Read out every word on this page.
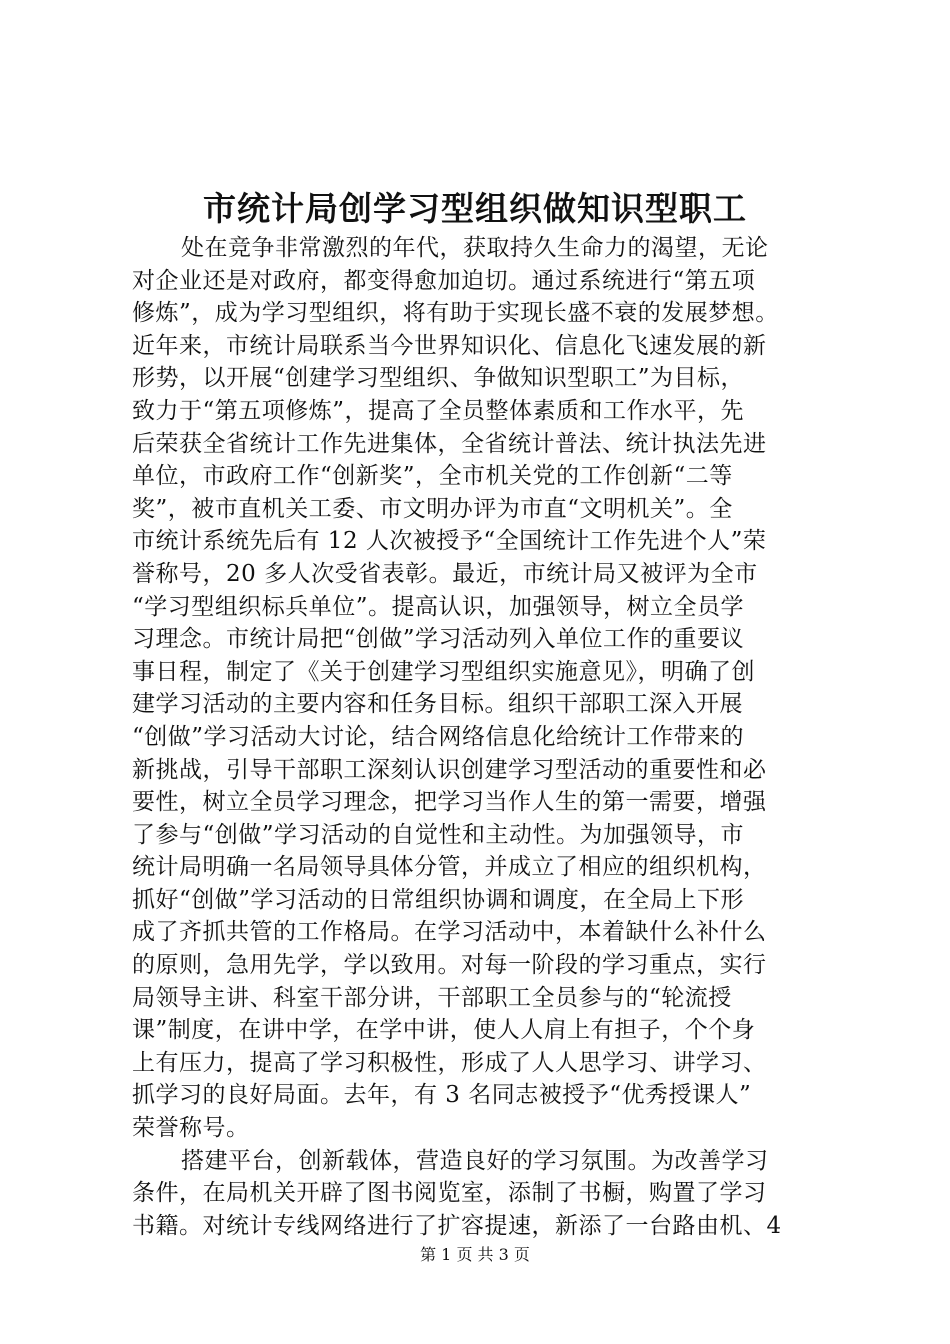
市统计局创学习型组织做知识型职工
处在竞争非常激烈的年代，获取持久生命力的渴望，无论
对企业还是对政府，都变得愈加迫切。通过系统进行“第五项
修炼”，成为学习型组织，将有助于实现长盛不衰的发展梦想。
近年来，市统计局联系当今世界知识化、信息化飞速发展的新
形势，以开展“创建学习型组织、争做知识型职工”为目标，
致力于“第五项修炼”，提高了全员整体素质和工作水平，先
后荣获全省统计工作先进集体，全省统计普法、统计执法先进
单位，市政府工作“创新奖”，全市机关党的工作创新“二等
奖”，被市直机关工委、市文明办评为市直“文明机关”。全
市统计系统先后有 12 人次被授予“全国统计工作先进个人”荣
誉称号，20 多人次受省表彰。最近，市统计局又被评为全市
“学习型组织标兵单位”。提高认识，加强领导，树立全员学
习理念。市统计局把“创做”学习活动列入单位工作的重要议
事日程，制定了《关于创建学习型组织实施意见》，明确了创
建学习活动的主要内容和任务目标。组织干部职工深入开展
“创做”学习活动大讨论，结合网络信息化给统计工作带来的
新挑战，引导干部职工深刻认识创建学习型活动的重要性和必
要性，树立全员学习理念，把学习当作人生的第一需要，增强
了参与“创做”学习活动的自觉性和主动性。为加强领导，市
统计局明确一名局领导具体分管，并成立了相应的组织机构，
抓好“创做”学习活动的日常组织协调和调度，在全局上下形
成了齐抓共管的工作格局。在学习活动中，本着缺什么补什么
的原则，急用先学，学以致用。对每一阶段的学习重点，实行
局领导主讲、科室干部分讲，干部职工全员参与的“轮流授
课”制度，在讲中学，在学中讲，使人人肩上有担子，个个身
上有压力，提高了学习积极性，形成了人人思学习、讲学习、
抓学习的良好局面。去年，有 3 名同志被授予“优秀授课人”
荣誉称号。
搭建平台，创新载体，营造良好的学习氛围。为改善学习
条件，在局机关开辟了图书阅览室，添制了书橱，购置了学习
书籍。对统计专线网络进行了扩容提速，新添了一台路由机、4
第 1 页 共 3 页
